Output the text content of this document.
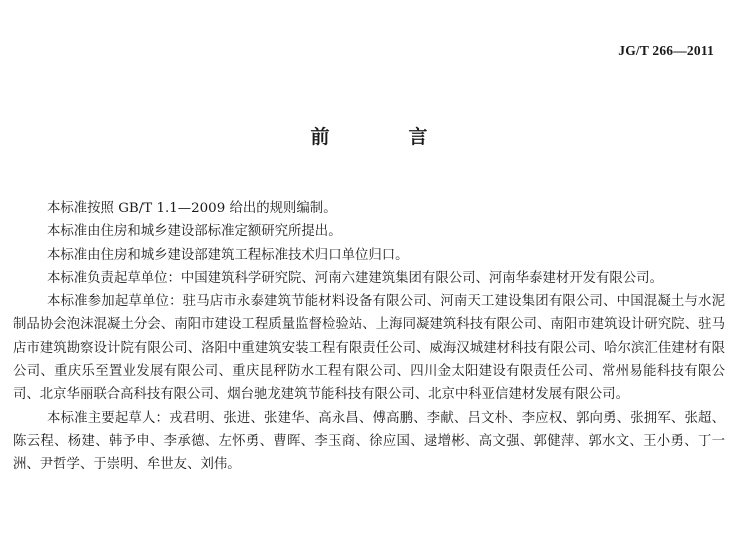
JG/T 266—2011
前　言

本标准按照 GB/T 1.1—2009 给出的规则编制。

本标准由住房和城乡建设部标准定额研究所提出。

本标准由住房和城乡建设部建筑工程标准技术归口单位归口。

本标准负责起草单位：中国建筑科学研究院、河南六建建筑集团有限公司、河南华泰建材开发有限公司。

本标准参加起草单位：驻马店市永泰建筑节能材料设备有限公司、河南天工建设集团有限公司、中国混凝土与水泥制品协会泡沫混凝土分会、南阳市建设工程质量监督检验站、上海同凝建筑科技有限公司、南阳市建筑设计研究院、驻马店市建筑勘察设计院有限公司、洛阳中重建筑安装工程有限责任公司、威海汉城建材科技有限公司、哈尔滨汇佳建材有限公司、重庆乐至置业发展有限公司、重庆昆秤防水工程有限公司、四川金太阳建设有限责任公司、常州易能科技有限公司、北京华丽联合高科技有限公司、烟台驰龙建筑节能科技有限公司、北京中科亚信建材发展有限公司。

本标准主要起草人：戎君明、张进、张建华、高永昌、傅高鹏、李献、吕文朴、李应权、郭向勇、张拥军、张超、陈云程、杨建、韩予申、李承德、左怀勇、曹晖、李玉商、徐应国、逯增彬、高文强、郭健萍、郭水文、王小勇、丁一洲、尹哲学、于崇明、牟世友、刘伟。
